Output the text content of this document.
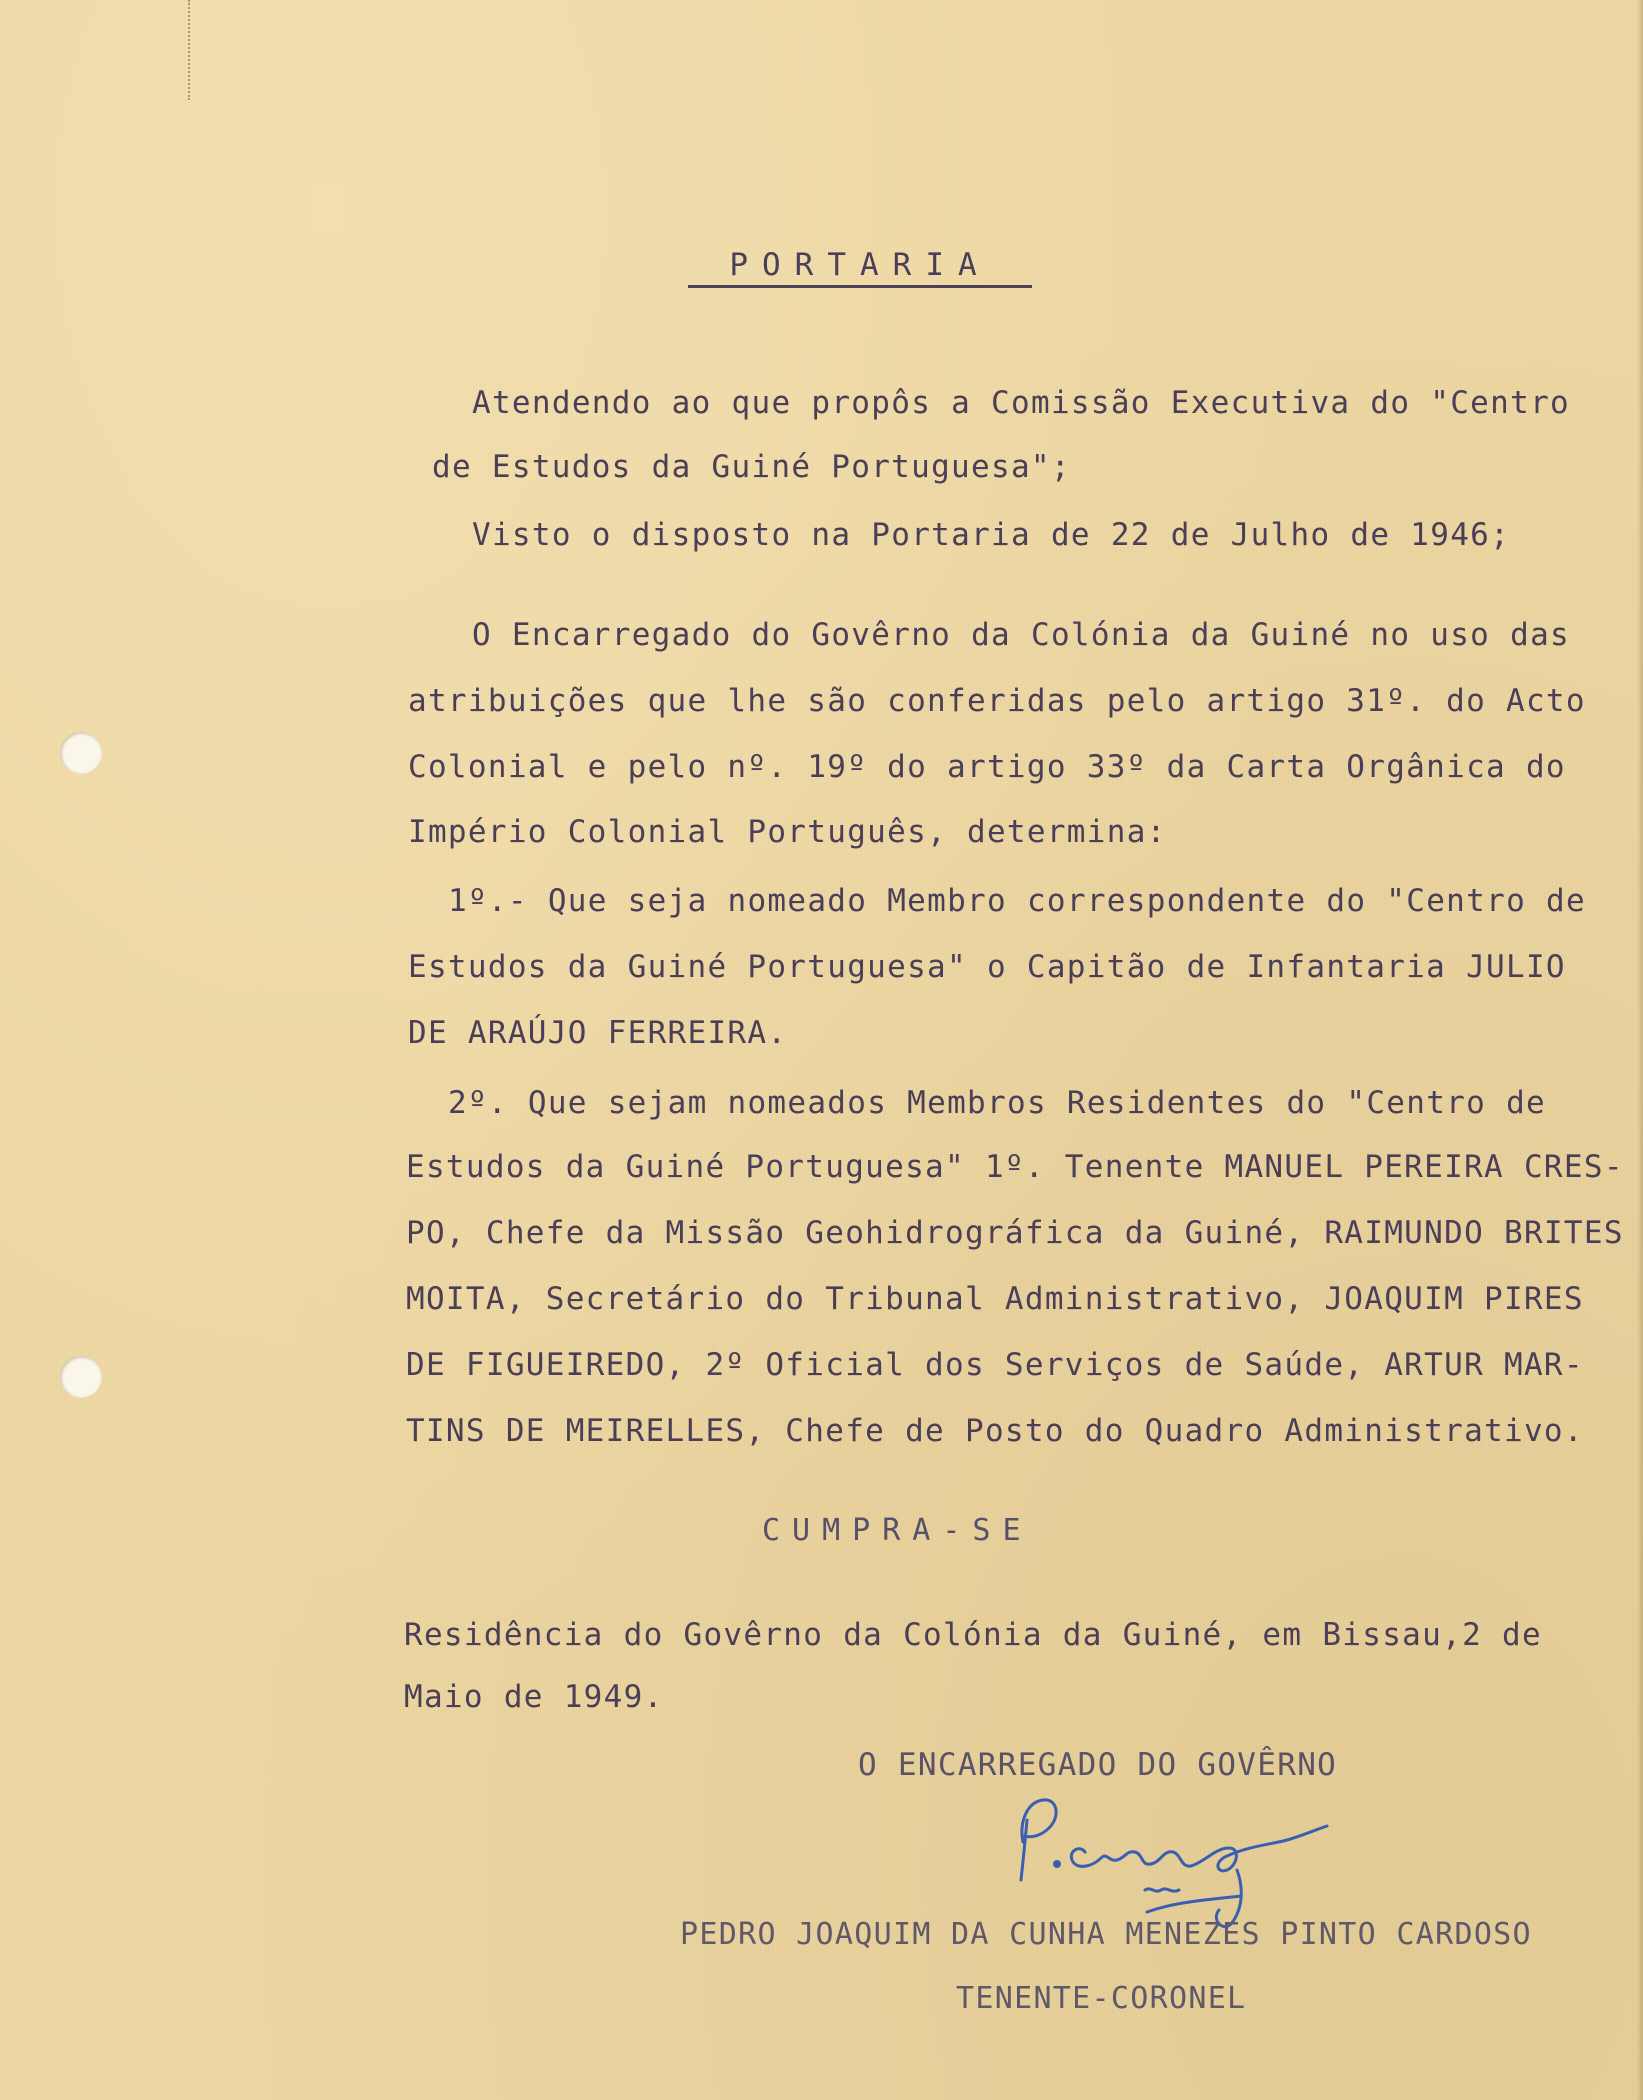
PORTARIA
Atendendo ao que propôs a Comissão Executiva do "Centro
de Estudos da Guiné Portuguesa";
Visto o disposto na Portaria de 22 de Julho de 1946;
O Encarregado do Govêrno da Colónia da Guiné no uso das
atribuições que lhe são conferidas pelo artigo 31º. do Acto
Colonial e pelo nº. 19º do artigo 33º da Carta Orgânica do
Império Colonial Português, determina:
1º.- Que seja nomeado Membro correspondente do "Centro de
Estudos da Guiné Portuguesa" o Capitão de Infantaria JULIO
DE ARAÚJO FERREIRA.
2º. Que sejam nomeados Membros Residentes do "Centro de
Estudos da Guiné Portuguesa" 1º. Tenente MANUEL PEREIRA CRES-
PO, Chefe da Missão Geohidrográfica da Guiné, RAIMUNDO BRITES
MOITA, Secretário do Tribunal Administrativo, JOAQUIM PIRES
DE FIGUEIREDO, 2º Oficial dos Serviços de Saúde, ARTUR MAR-
TINS DE MEIRELLES, Chefe de Posto do Quadro Administrativo.
CUMPRA-SE
Residência do Govêrno da Colónia da Guiné, em Bissau,2 de
Maio de 1949.
O ENCARREGADO DO GOVÊRNO
PEDRO JOAQUIM DA CUNHA MENEZES PINTO CARDOSO
TENENTE-CORONEL
